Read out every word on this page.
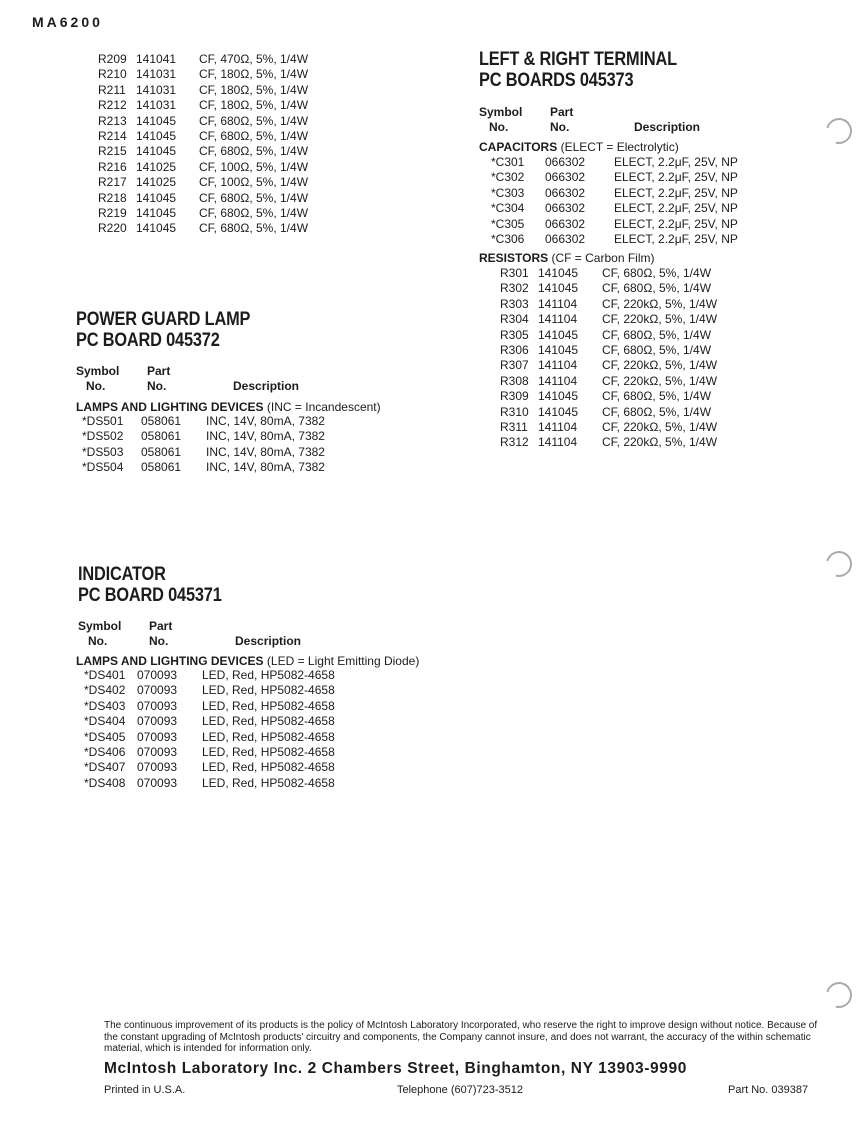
MA6200
R209 141041 CF, 470Ω, 5%, 1/4W
R210 141031 CF, 180Ω, 5%, 1/4W
R211 141031 CF, 180Ω, 5%, 1/4W
R212 141031 CF, 180Ω, 5%, 1/4W
R213 141045 CF, 680Ω, 5%, 1/4W
R214 141045 CF, 680Ω, 5%, 1/4W
R215 141045 CF, 680Ω, 5%, 1/4W
R216 141025 CF, 100Ω, 5%, 1/4W
R217 141025 CF, 100Ω, 5%, 1/4W
R218 141045 CF, 680Ω, 5%, 1/4W
R219 141045 CF, 680Ω, 5%, 1/4W
R220 141045 CF, 680Ω, 5%, 1/4W
POWER GUARD LAMP
PC BOARD 045372
Symbol
No.
Part
No.	Description
LAMPS AND LIGHTING DEVICES (INC = Incandescent)
*DS501 058061 INC, 14V, 80mA, 7382
*DS502 058061 INC, 14V, 80mA, 7382
*DS503 058061 INC, 14V, 80mA, 7382
*DS504 058061 INC, 14V, 80mA, 7382
INDICATOR
PC BOARD 045371
Symbol
No.
Part
No.	Description
LAMPS AND LIGHTING DEVICES (LED = Light Emitting Diode)
*DS401 070093 LED, Red, HP5082-4658
*DS402 070093 LED, Red, HP5082-4658
*DS403 070093 LED, Red, HP5082-4658
*DS404 070093 LED, Red, HP5082-4658
*DS405 070093 LED, Red, HP5082-4658
*DS406 070093 LED, Red, HP5082-4658
*DS407 070093 LED, Red, HP5082-4658
*DS408 070093 LED, Red, HP5082-4658
LEFT & RIGHT TERMINAL
PC BOARDS 045373
Symbol
No.
Part
No.	Description
CAPACITORS (ELECT = Electrolytic)
*C301 066302 ELECT, 2.2μF, 25V, NP
*C302 066302 ELECT, 2.2μF, 25V, NP
*C303 066302 ELECT, 2.2μF, 25V, NP
*C304 066302 ELECT, 2.2μF, 25V, NP
*C305 066302 ELECT, 2.2μF, 25V, NP
*C306 066302 ELECT, 2.2μF, 25V, NP
RESISTORS (CF = Carbon Film)
R301 141045 CF, 680Ω, 5%, 1/4W
R302 141045 CF, 680Ω, 5%, 1/4W
R303 141104 CF, 220kΩ, 5%, 1/4W
R304 141104 CF, 220kΩ, 5%, 1/4W
R305 141045 CF, 680Ω, 5%, 1/4W
R306 141045 CF, 680Ω, 5%, 1/4W
R307 141104 CF, 220kΩ, 5%, 1/4W
R308 141104 CF, 220kΩ, 5%, 1/4W
R309 141045 CF, 680Ω, 5%, 1/4W
R310 141045 CF, 680Ω, 5%, 1/4W
R311 141104 CF, 220kΩ, 5%, 1/4W
R312 141104 CF, 220kΩ, 5%, 1/4W
The continuous improvement of its products is the policy of McIntosh Laboratory Incorporated, who reserve the right to improve design without notice. Because of the constant upgrading of McIntosh products' circuitry and components, the Company cannot insure, and does not warrant, the accuracy of the within schematic material, which is intended for information only.
McIntosh Laboratory Inc. 2 Chambers Street, Binghamton, NY 13903-9990
Printed in U.S.A.	Telephone (607)723-3512	Part No. 039387
